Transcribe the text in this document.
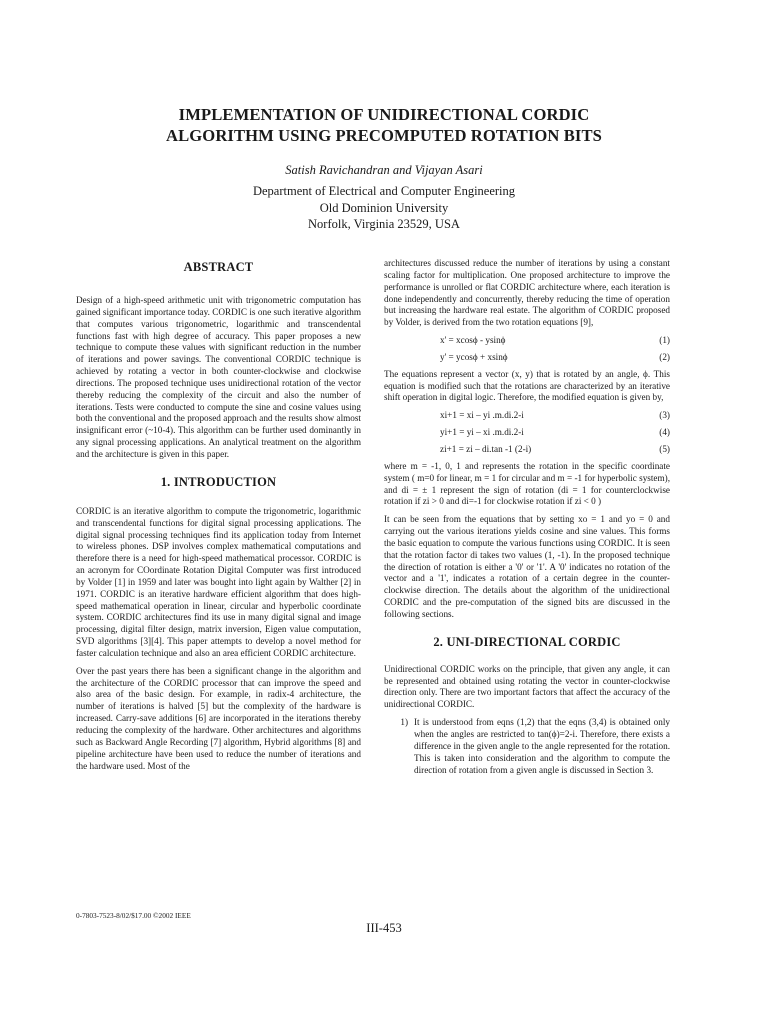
IMPLEMENTATION OF UNIDIRECTIONAL CORDIC
ALGORITHM USING PRECOMPUTED ROTATION BITS
Satish Ravichandran and Vijayan Asari
Department of Electrical and Computer Engineering
Old Dominion University
Norfolk, Virginia 23529, USA
ABSTRACT

Design of a high-speed arithmetic unit with trigonometric computation has gained significant importance today. CORDIC is one such iterative algorithm that computes various trigonometric, logarithmic and transcendental functions fast with high degree of accuracy. This paper proposes a new technique to compute these values with significant reduction in the number of iterations and power savings. The conventional CORDIC technique is achieved by rotating a vector in both counter-clockwise and clockwise directions. The proposed technique uses unidirectional rotation of the vector thereby reducing the complexity of the circuit and also the number of iterations. Tests were conducted to compute the sine and cosine values using both the conventional and the proposed approach and the results show almost insignificant error (~10-4). This algorithm can be further used dominantly in any signal processing applications. An analytical treatment on the algorithm and the architecture is given in this paper.

1. INTRODUCTION

CORDIC is an iterative algorithm to compute the trigonometric, logarithmic and transcendental functions for digital signal processing applications. The digital signal processing techniques find its application today from Internet to wireless phones. DSP involves complex mathematical computations and therefore there is a need for high-speed mathematical processor. CORDIC is an acronym for COordinate Rotation Digital Computer was first introduced by Volder [1] in 1959 and later was bought into light again by Walther [2] in 1971. CORDIC is an iterative hardware efficient algorithm that does high-speed mathematical operation in linear, circular and hyperbolic coordinate system. CORDIC architectures find its use in many digital signal and image processing, digital filter design, matrix inversion, Eigen value computation, SVD algorithms [3][4]. This paper attempts to develop a novel method for faster calculation technique and also an area efficient CORDIC architecture.

Over the past years there has been a significant change in the algorithm and the architecture of the CORDIC processor that can improve the speed and also area of the basic design. For example, in radix-4 architecture, the number of iterations is halved [5] but the complexity of the hardware is increased. Carry-save additions [6] are incorporated in the iterations thereby reducing the complexity of the hardware. Other architectures and algorithms such as Backward Angle Recording [7] algorithm, Hybrid algorithms [8] and pipeline architecture have been used to reduce the number of iterations and the hardware used. Most of the

architectures discussed reduce the number of iterations by using a constant scaling factor for multiplication. One proposed architecture to improve the performance is unrolled or flat CORDIC architecture where, each iteration is done independently and concurrently, thereby reducing the time of operation but increasing the hardware real estate. The algorithm of CORDIC proposed by Volder, is derived from the two rotation equations [9],

x' = xcosϕ - ysinϕ	(1)
y' = ycosϕ + xsinϕ	(2)

The equations represent a vector (x, y) that is rotated by an angle, ϕ. This equation is modified such that the rotations are characterized by an iterative shift operation in digital logic. Therefore, the modified equation is given by,

xi+1 = xi – yi .m.di.2-i	(3)
yi+1 = yi – xi .m.di.2-i	(4)
zi+1 = zi – di.tan -1 (2-i)	(5)

where m = -1, 0, 1 and represents the rotation in the specific coordinate system ( m=0 for linear, m = 1 for circular and m = -1 for hyperbolic system), and di = ± 1 represent the sign of rotation (di = 1 for counterclockwise rotation if zi > 0 and di=-1 for clockwise rotation if zi < 0 )

It can be seen from the equations that by setting xo = 1 and yo = 0 and carrying out the various iterations yields cosine and sine values. This forms the basic equation to compute the various functions using CORDIC. It is seen that the rotation factor di takes two values (1, -1). In the proposed technique the direction of rotation is either a '0' or '1'. A '0' indicates no rotation of the vector and a '1', indicates a rotation of a certain degree in the counter-clockwise direction. The details about the algorithm of the unidirectional CORDIC and the pre-computation of the signed bits are discussed in the following sections.

2. UNI-DIRECTIONAL CORDIC

Unidirectional CORDIC works on the principle, that given any angle, it can be represented and obtained using rotating the vector in counter-clockwise direction only. There are two important factors that affect the accuracy of the unidirectional CORDIC.

1) It is understood from eqns (1,2) that the eqns (3,4) is obtained only when the angles are restricted to tan(ϕ)=2-i. Therefore, there exists a difference in the given angle to the angle represented for the rotation. This is taken into consideration and the algorithm to compute the direction of rotation from a given angle is discussed in Section 3.
0-7803-7523-8/02/$17.00 ©2002 IEEE
III-453
